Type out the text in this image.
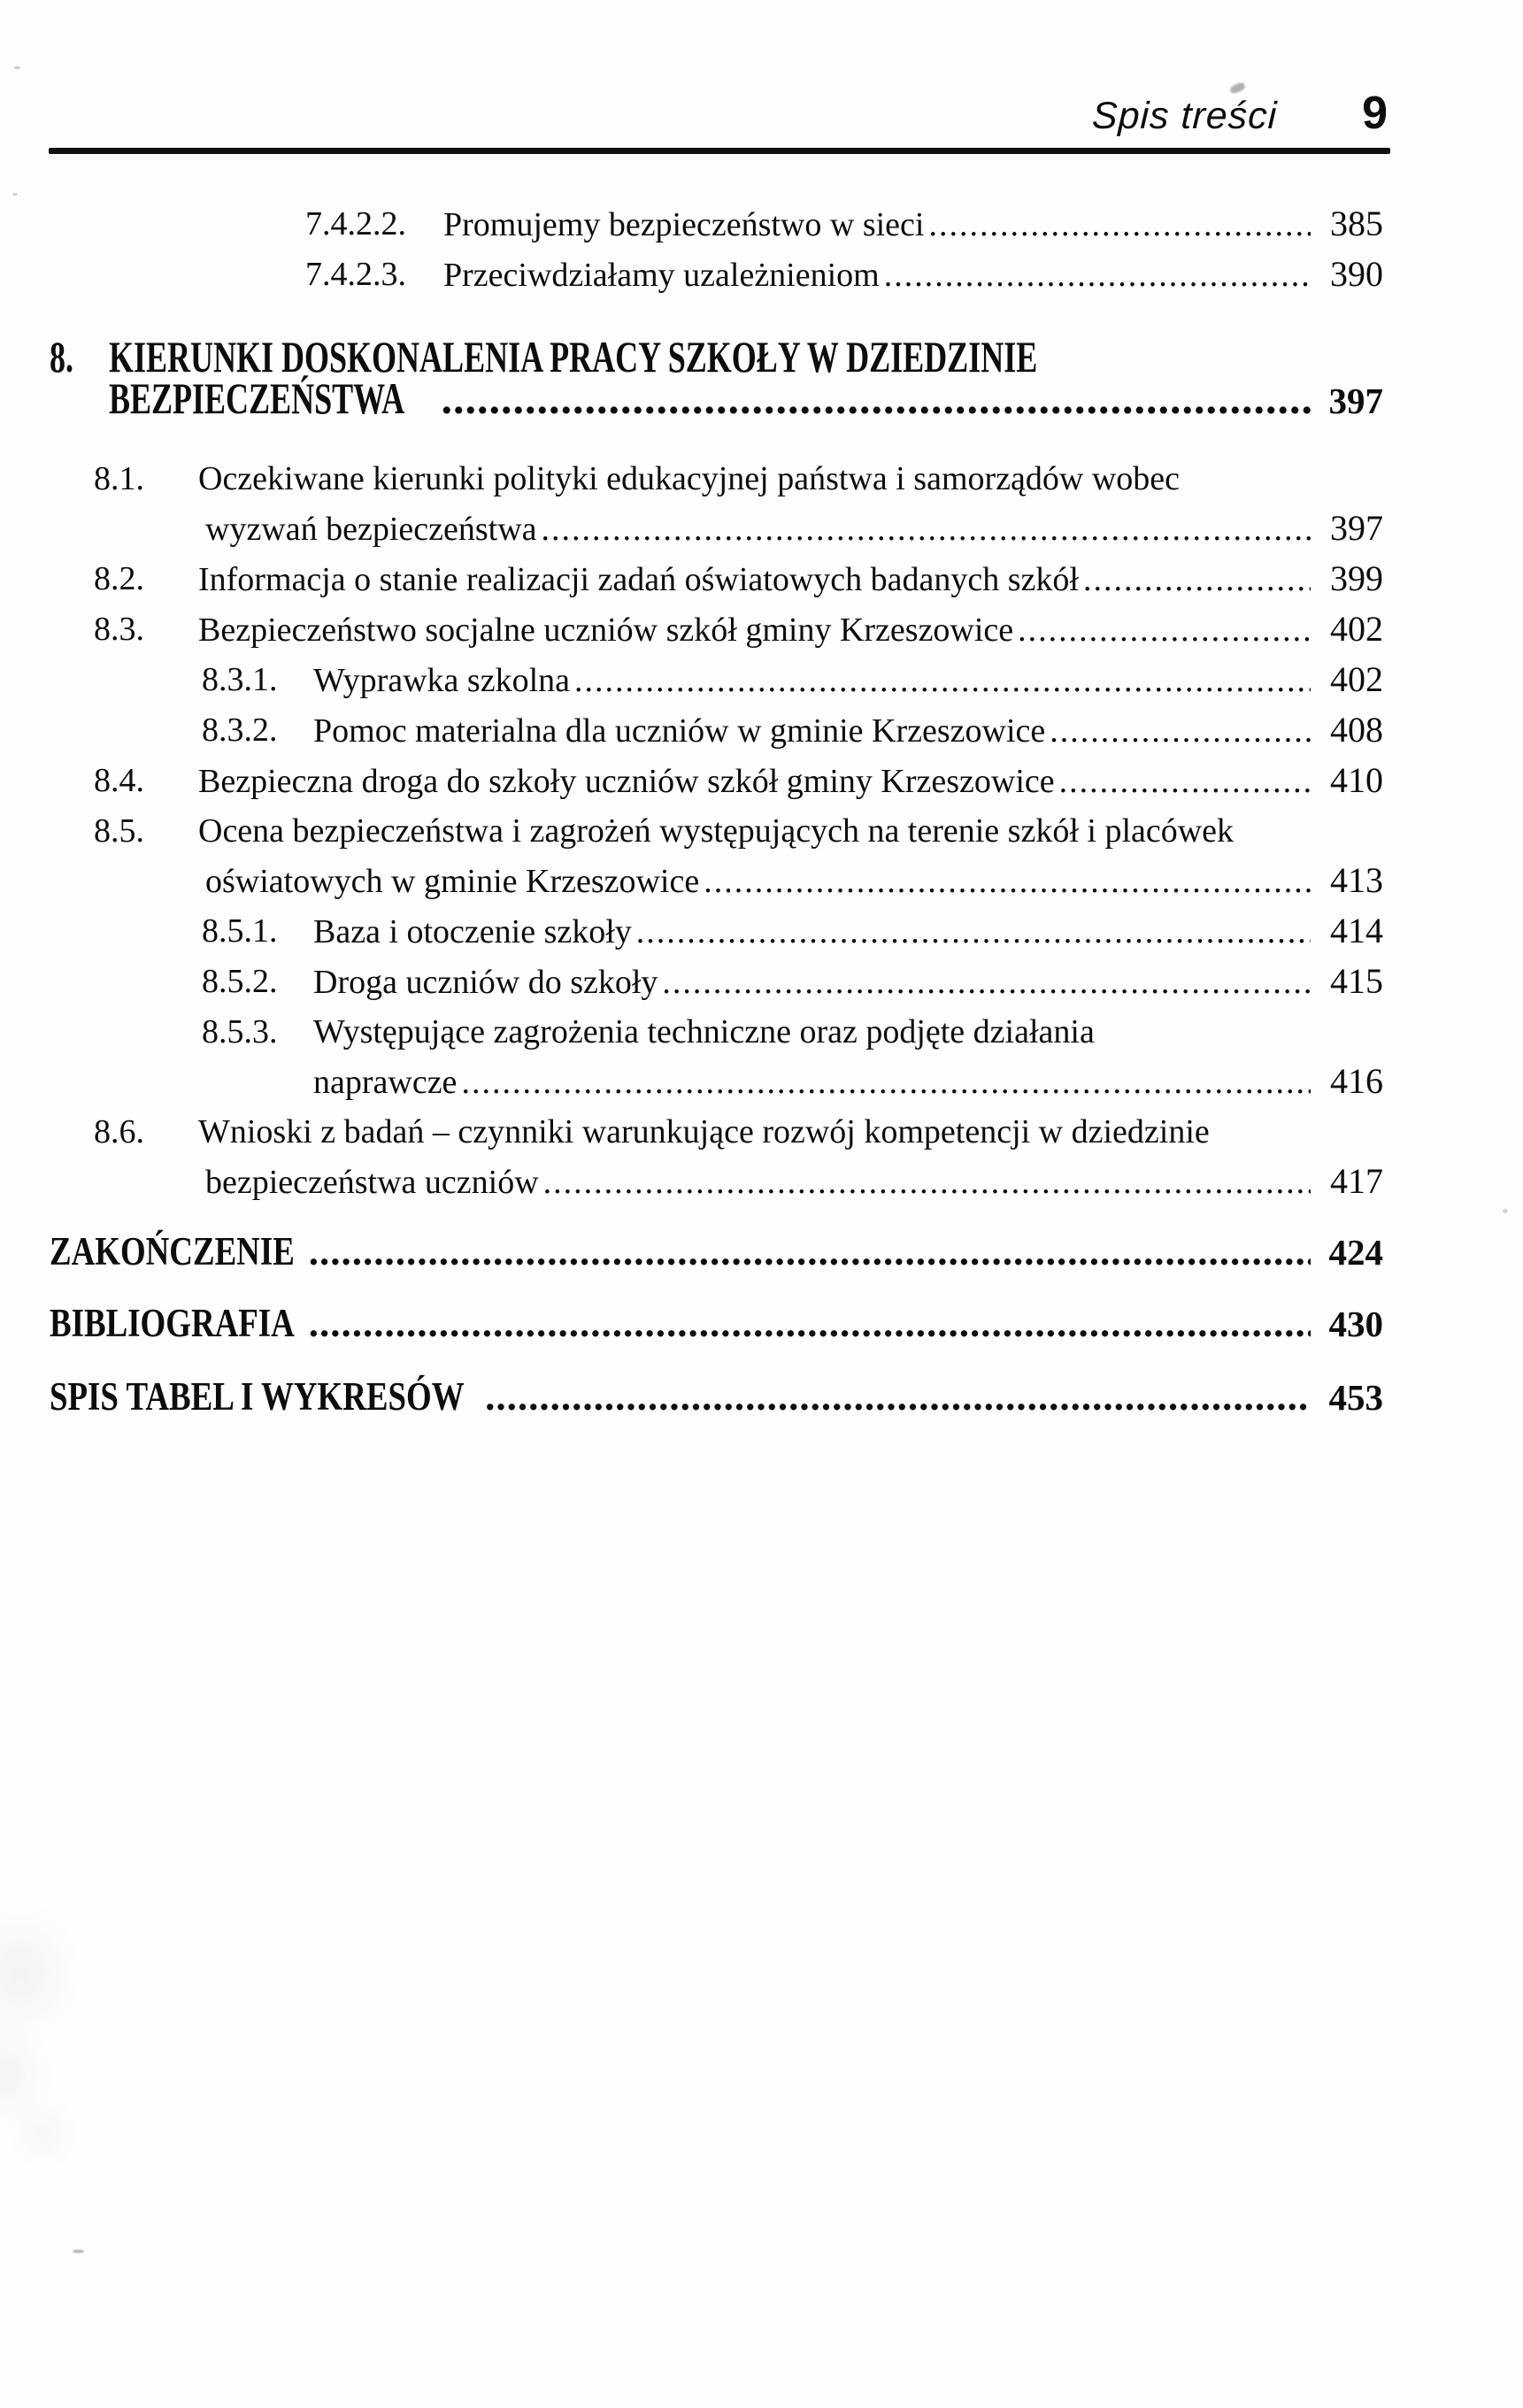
Spis treści 9
7.4.2.2. Promujemy bezpieczeństwo w sieci .....	385
7.4.2.3. Przeciwdziałamy uzależnieniom .....	390
8. KIERUNKI DOSKONALENIA PRACY SZKOŁY W DZIEDZINIE
BEZPIECZEŃSTWA .....	397
8.1. Oczekiwane kierunki polityki edukacyjnej państwa i samorządów wobec
wyzwań bezpieczeństwa .....	397
8.2. Informacja o stanie realizacji zadań oświatowych badanych szkół .....	399
8.3. Bezpieczeństwo socjalne uczniów szkół gminy Krzeszowice .....	402
8.3.1. Wyprawka szkolna .....	402
8.3.2. Pomoc materialna dla uczniów w gminie Krzeszowice .....	408
8.4. Bezpieczna droga do szkoły uczniów szkół gminy Krzeszowice .....	410
8.5. Ocena bezpieczeństwa i zagrożeń występujących na terenie szkół i placówek
oświatowych w gminie Krzeszowice .....	413
8.5.1. Baza i otoczenie szkoły .....	414
8.5.2. Droga uczniów do szkoły .....	415
8.5.3. Występujące zagrożenia techniczne oraz podjęte działania
naprawcze .....	416
8.6. Wnioski z badań – czynniki warunkujące rozwój kompetencji w dziedzinie
bezpieczeństwa uczniów .....	417
ZAKOŃCZENIE .....	424
BIBLIOGRAFIA .....	430
SPIS TABEL I WYKRESÓW .....	453
